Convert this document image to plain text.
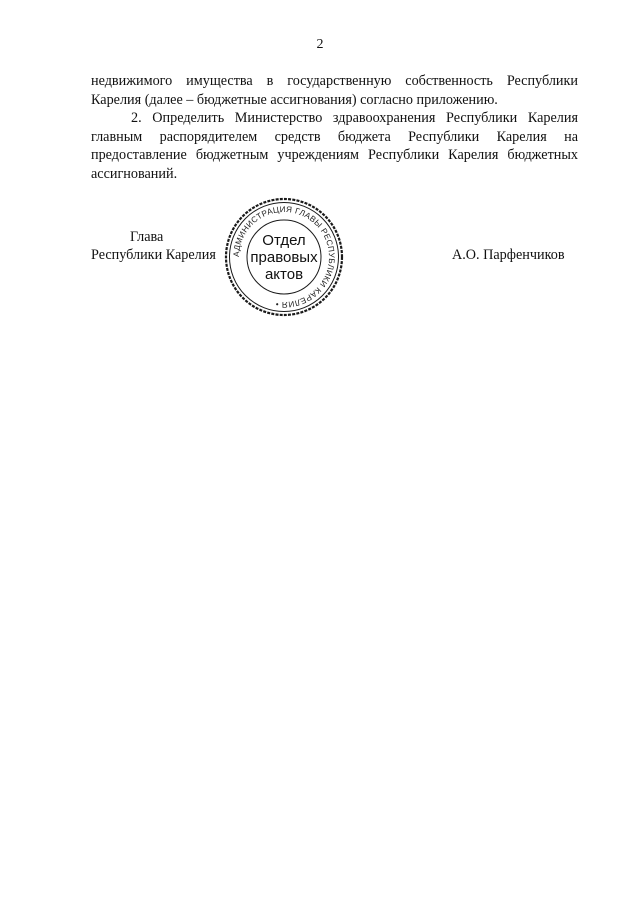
2

недвижимого имущества в государственную собственность Республики Карелия (далее – бюджетные ассигнования) согласно приложению.

2. Определить Министерство здравоохранения Республики Карелия главным распорядителем средств бюджета Республики Карелия на предоставление бюджетным учреждениям Республики Карелия бюджетных ассигнований.

Глава
Республики Карелия	А.О. Парфенчиков
АДМИНИСТРАЦИЯ ГЛАВЫ РЕСПУБЛИКИ КАРЕЛИЯ •
Отдел
правовых
актов
